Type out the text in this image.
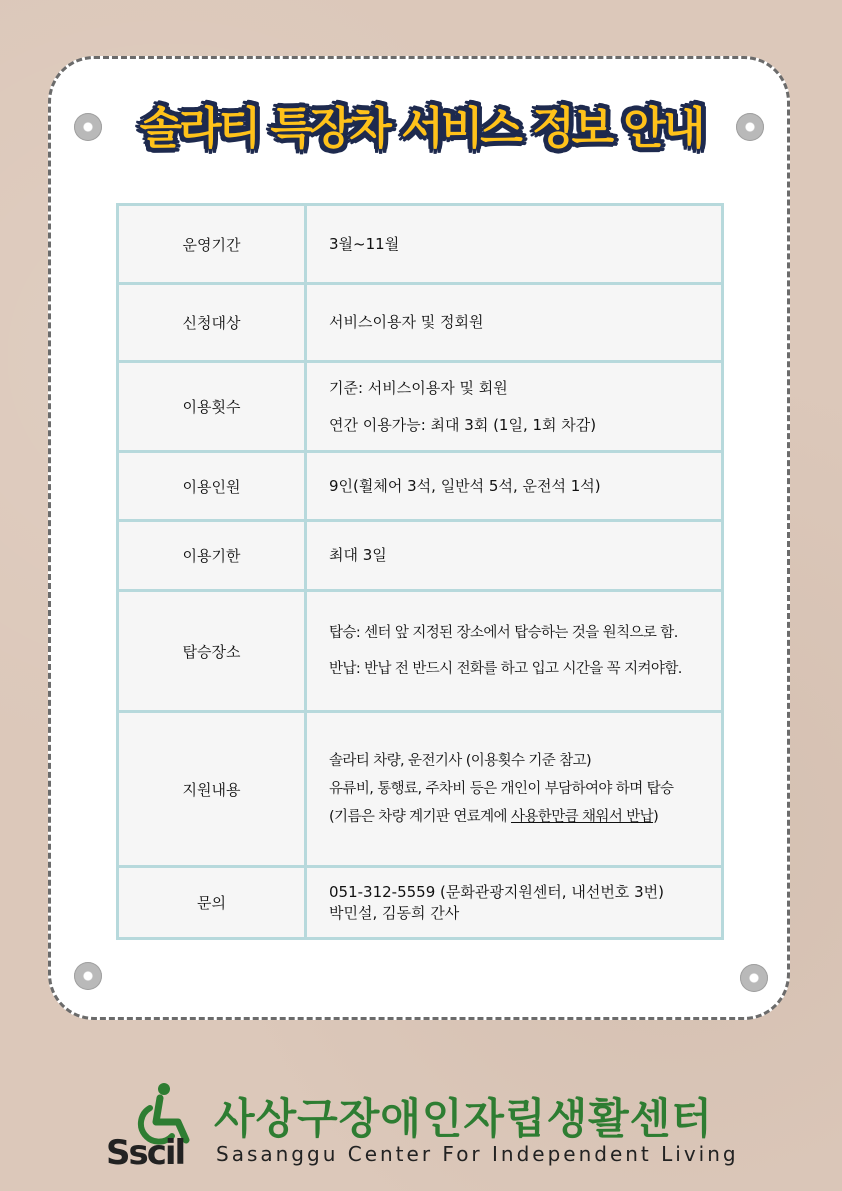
솔라티 특장차 서비스 정보 안내
운영기간	3월~11월

신청대상	서비스이용자 및 정회원

이용횟수	기준: 서비스이용자 및 회원
연간 이용가능: 최대 3회 (1일, 1회 차감)

이용인원	9인(휠체어 3석, 일반석 5석, 운전석 1석)

이용기한	최대 3일

탑승장소	탑승: 센터 앞 지정된 장소에서 탑승하는 것을 원칙으로 함.
반납: 반납 전 반드시 전화를 하고 입고 시간을 꼭 지켜야함.

지원내용	솔라티 차량, 운전기사 (이용횟수 기준 참고)
유류비, 통행료, 주차비 등은 개인이 부담하여야 하며 탑승
(기름은 차량 계기판 연료계에 사용한만큼 채워서 반납)

문의	051-312-5559 (문화관광지원센터, 내선번호 3번)
박민설, 김동희 간사
Sscil
사상구장애인자립생활센터
Sasanggu Center For Independent Living
